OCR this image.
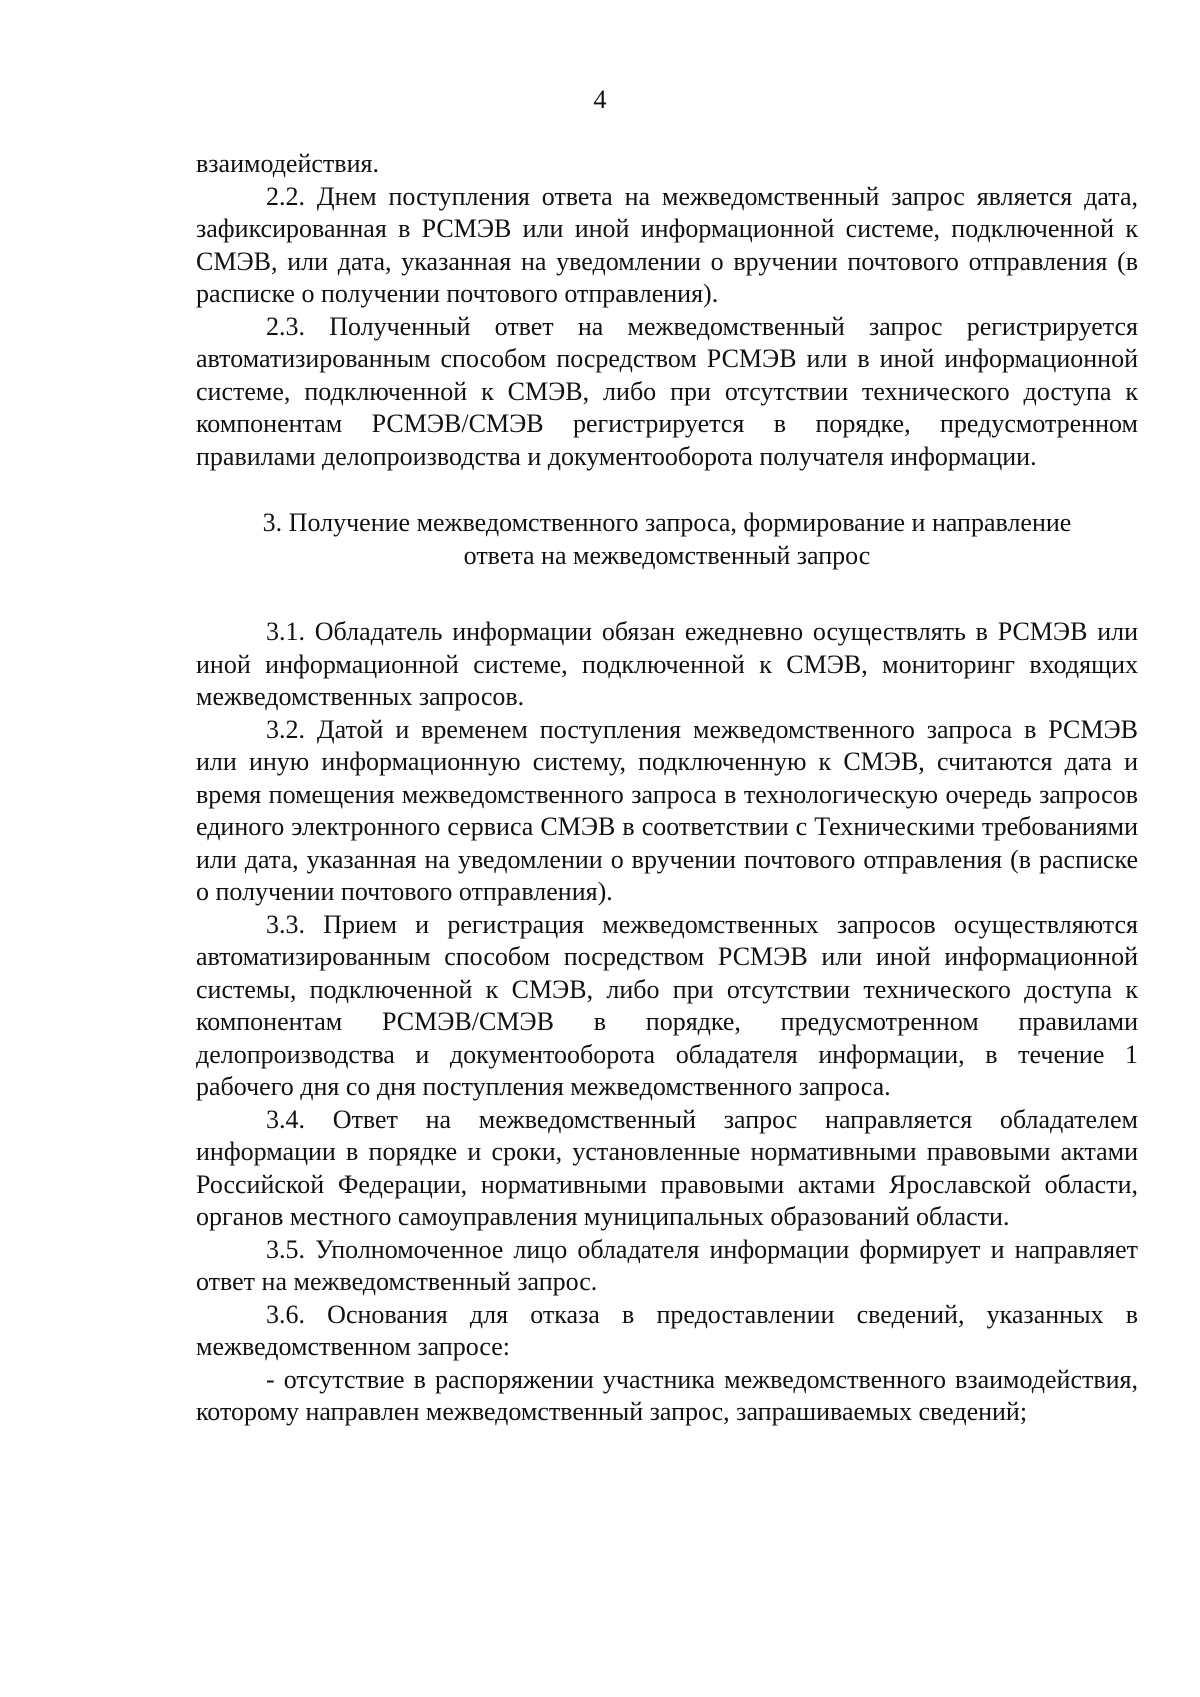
4

взаимодействия.

2.2. Днем поступления ответа на межведомственный запрос является дата, зафиксированная в РСМЭВ или иной информационной системе, подключенной к СМЭВ, или дата, указанная на уведомлении о вручении почтового отправления (в расписке о получении почтового отправления).

2.3. Полученный ответ на межведомственный запрос регистрируется автоматизированным способом посредством РСМЭВ или в иной информационной системе, подключенной к СМЭВ, либо при отсутствии технического доступа к компонентам РСМЭВ/СМЭВ регистрируется в порядке, предусмотренном правилами делопроизводства и документооборота получателя информации.

3. Получение межведомственного запроса, формирование и направление
ответа на межведомственный запрос

3.1. Обладатель информации обязан ежедневно осуществлять в РСМЭВ или иной информационной системе, подключенной к СМЭВ, мониторинг входящих межведомственных запросов.

3.2. Датой и временем поступления межведомственного запроса в РСМЭВ или иную информационную систему, подключенную к СМЭВ, считаются дата и время помещения межведомственного запроса в технологическую очередь запросов единого электронного сервиса СМЭВ в соответствии с Техническими требованиями или дата, указанная на уведомлении о вручении почтового отправления (в расписке о получении почтового отправления).

3.3. Прием и регистрация межведомственных запросов осуществляются автоматизированным способом посредством РСМЭВ или иной информационной системы, подключенной к СМЭВ, либо при отсутствии технического доступа к компонентам РСМЭВ/СМЭВ в порядке, предусмотренном правилами делопроизводства и документооборота обладателя информации, в течение 1 рабочего дня со дня поступления межведомственного запроса.

3.4. Ответ на межведомственный запрос направляется обладателем информации в порядке и сроки, установленные нормативными правовыми актами Российской Федерации, нормативными правовыми актами Ярославской области, органов местного самоуправления муниципальных образований области.

3.5. Уполномоченное лицо обладателя информации формирует и направляет ответ на межведомственный запрос.

3.6. Основания для отказа в предоставлении сведений, указанных в межведомственном запросе:

- отсутствие в распоряжении участника межведомственного взаимодействия, которому направлен межведомственный запрос, запрашиваемых сведений;
